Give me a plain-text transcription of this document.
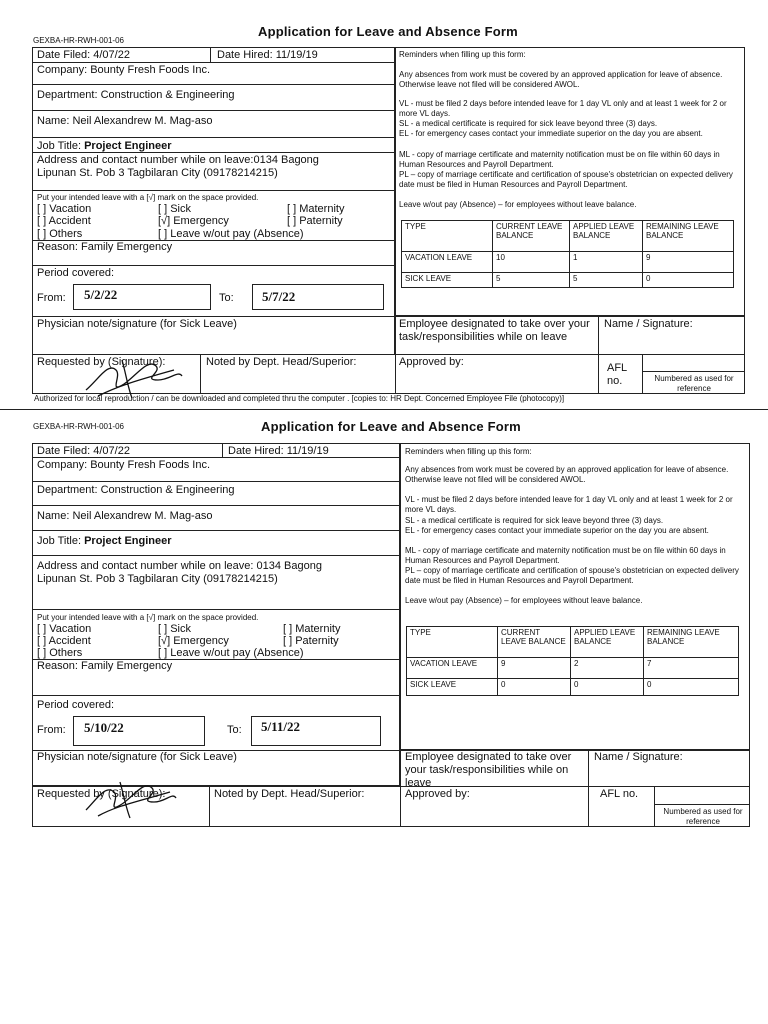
Application for Leave and Absence Form
GEXBA-HR-RWH-001-06
Date Filed: 4/07/22	Date Hired: 11/19/19
Company: Bounty Fresh Foods Inc.
Department: Construction & Engineering
Name: Neil Alexandrew M. Mag-aso
Job Title: Project Engineer
Address and contact number while on leave:0134 Bagong
Lipunan St. Pob 3 Tagbilaran City (09178214215)
Put your intended leave with a [√] mark on the space provided.
[ ] Vacation	[ ] Sick	[ ] Maternity
[ ] Accident	[√] Emergency	[ ] Paternity
[ ] Others	[ ] Leave w/out pay (Absence)
Reason: Family Emergency
Period covered:
From: 5/2/22	To: 5/7/22
Physician note/signature (for Sick Leave)	Employee designated to take over your task/responsibilities while on leave
Name / Signature:
Requested by (Signature):	Noted by Dept. Head/Superior:	Approved by:	AFL no.	Numbered as used for reference
Authorized for local reproduction / can be downloaded and completed thru the computer . [copies to: HR Dept. Concerned Employee File (photocopy)]
Reminders when filling up this form:
Any absences from work must be covered by an approved application for leave of absence. Otherwise leave not filed will be considered AWOL.
VL - must be filed 2 days before intended leave for 1 day VL only and at least 1 week for 2 or more VL days.
SL - a medical certificate is required for sick leave beyond three (3) days.
EL - for emergency cases contact your immediate superior on the day you are absent.
ML - copy of marriage certificate and maternity notification must be on file within 60 days in Human Resources and Payroll Department.
PL – copy of marriage certificate and certification of spouse's obstetrician on expected delivery date must be filed in Human Resources and Payroll Department.
Leave w/out pay (Absence) – for employees without leave balance.
TYPE	CURRENT LEAVE BALANCE	APPLIED LEAVE BALANCE	REMAINING LEAVE BALANCE
VACATION LEAVE	10	1	9
SICK LEAVE	5	5	0
Application for Leave and Absence Form
GEXBA-HR-RWH-001-06
Date Filed: 4/07/22	Date Hired: 11/19/19
Company: Bounty Fresh Foods Inc.
Department: Construction & Engineering
Name: Neil Alexandrew M. Mag-aso
Job Title: Project Engineer
Address and contact number while on leave: 0134 Bagong
Lipunan St. Pob 3 Tagbilaran City (09178214215)
Put your intended leave with a [√] mark on the space provided.
[ ] Vacation	[ ] Sick	[ ] Maternity
[ ] Accident	[√] Emergency	[ ] Paternity
[ ] Others	[ ] Leave w/out pay (Absence)
Reason: Family Emergency
Period covered:
From: 5/10/22	To: 5/11/22
Physician note/signature (for Sick Leave)	Employee designated to take over your task/responsibilities while on leave
Name / Signature:
Requested by (Signature):	Noted by Dept. Head/Superior:	Approved by:	AFL no.
Numbered as used for reference
Reminders when filling up this form:
Any absences from work must be covered by an approved application for leave of absence. Otherwise leave not filed will be considered AWOL.
VL - must be filed 2 days before intended leave for 1 day VL only and at least 1 week for 2 or more VL days.
SL - a medical certificate is required for sick leave beyond three (3) days.
EL - for emergency cases contact your immediate superior on the day you are absent.
ML - copy of marriage certificate and maternity notification must be on file within 60 days in Human Resources and Payroll Department.
PL – copy of marriage certificate and certification of spouse's obstetrician on expected delivery date must be filed in Human Resources and Payroll Department.
Leave w/out pay (Absence) – for employees without leave balance.
TYPE	CURRENT LEAVE BALANCE	APPLIED LEAVE BALANCE	REMAINING LEAVE BALANCE
VACATION LEAVE	9	2	7
SICK LEAVE	0	0	0
